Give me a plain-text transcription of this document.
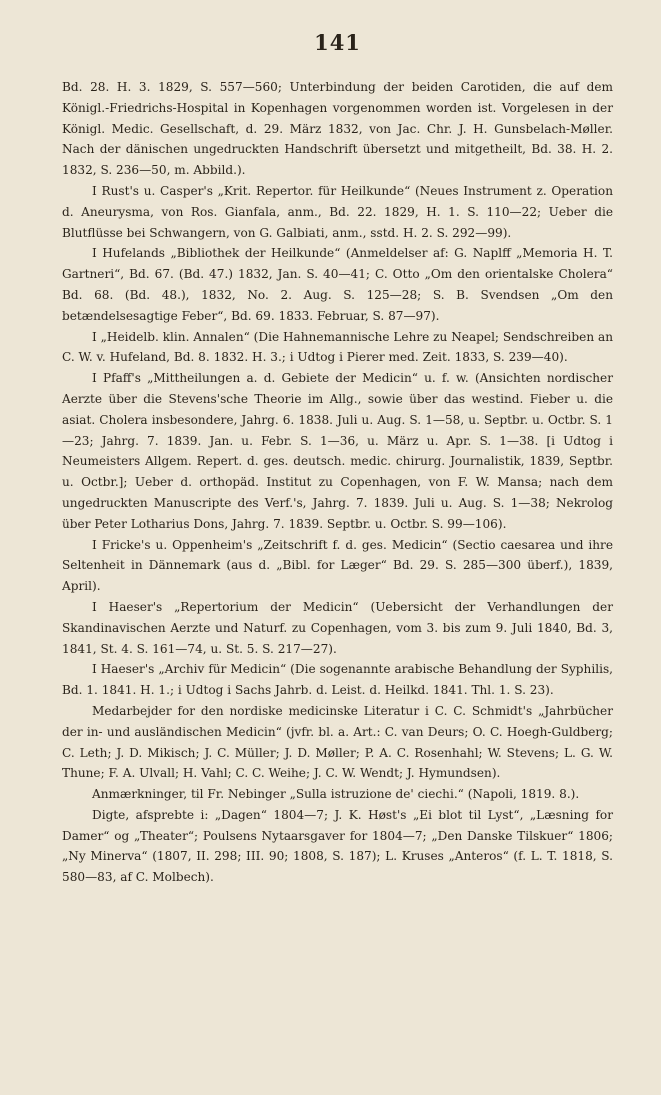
141

Bd. 28. H. 3. 1829, S. 557—560; Unterbindung der beiden Carotiden, die auf dem Königl.-Friedrichs-Hospital in Kopenhagen vorgenommen worden ist. Vorgelesen in der Königl. Medic. Gesellschaft, d. 29. März 1832, von Jac. Chr. J. H. Gunsbelach-Møller. Nach der dänischen ungedruckten Handschrift übersetzt und mitgetheilt, Bd. 38. H. 2. 1832, S. 236—50, m. Abbild.).

I Rust's u. Casper's „Krit. Repertor. für Heilkunde“ (Neues Instrument z. Operation d. Aneurysma, von Ros. Gianfala, anm., Bd. 22. 1829, H. 1. S. 110—22; Ueber die Blutflüsse bei Schwangern, von G. Galbiati, anm., sstd. H. 2. S. 292—99).

I Hufelands „Bibliothek der Heilkunde“ (Anmeldelser af: G. Naplff „Memoria H. T. Gartneri“, Bd. 67. (Bd. 47.) 1832, Jan. S. 40—41; C. Otto „Om den orientalske Cholera“ Bd. 68. (Bd. 48.), 1832, No. 2. Aug. S. 125—28; S. B. Svendsen „Om den betændelsesagtige Feber“, Bd. 69. 1833. Februar, S. 87—97).

I „Heidelb. klin. Annalen“ (Die Hahnemannische Lehre zu Neapel; Sendschreiben an C. W. v. Hufeland, Bd. 8. 1832. H. 3.; i Udtog i Pierer med. Zeit. 1833, S. 239—40).

I Pfaff's „Mittheilungen a. d. Gebiete der Medicin“ u. f. w. (Ansichten nordischer Aerzte über die Stevens'sche Theorie im Allg., sowie über das westind. Fieber u. die asiat. Cholera insbesondere, Jahrg. 6. 1838. Juli u. Aug. S. 1—58, u. Septbr. u. Octbr. S. 1—23; Jahrg. 7. 1839. Jan. u. Febr. S. 1—36, u. März u. Apr. S. 1—38. [i Udtog i Neumeisters Allgem. Repert. d. ges. deutsch. medic. chirurg. Journalistik, 1839, Septbr. u. Octbr.]; Ueber d. orthopäd. Institut zu Copenhagen, von F. W. Mansa; nach dem ungedruckten Manuscripte des Verf.'s, Jahrg. 7. 1839. Juli u. Aug. S. 1—38; Nekrolog über Peter Lotharius Dons, Jahrg. 7. 1839. Septbr. u. Octbr. S. 99—106).

I Fricke's u. Oppenheim's „Zeitschrift f. d. ges. Medicin“ (Sectio caesarea und ihre Seltenheit in Dännemark (aus d. „Bibl. for Læger“ Bd. 29. S. 285—300 überf.), 1839, April).

I Haeser's „Repertorium der Medicin“ (Uebersicht der Verhandlungen der Skandinavischen Aerzte und Naturf. zu Copenhagen, vom 3. bis zum 9. Juli 1840, Bd. 3, 1841, St. 4. S. 161—74, u. St. 5. S. 217—27).

I Haeser's „Archiv für Medicin“ (Die sogenannte arabische Behandlung der Syphilis, Bd. 1. 1841. H. 1.; i Udtog i Sachs Jahrb. d. Leist. d. Heilkd. 1841. Thl. 1. S. 23).

Medarbejder for den nordiske medicinske Literatur i C. C. Schmidt's „Jahrbücher der in- und ausländischen Medicin“ (jvfr. bl. a. Art.: C. van Deurs; O. C. Hoegh-Guldberg; C. Leth; J. D. Mikisch; J. C. Müller; J. D. Møller; P. A. C. Rosenhahl; W. Stevens; L. G. W. Thune; F. A. Ulvall; H. Vahl; C. C. Weihe; J. C. W. Wendt; J. Hymundsen).

Anmærkninger, til Fr. Nebinger „Sulla istruzione de' ciechi.“ (Napoli, 1819. 8.).

Digte, afsprebte i: „Dagen“ 1804—7; J. K. Høst's „Ei blot til Lyst“, „Læsning for Damer“ og „Theater“; Poulsens Nytaarsgaver for 1804—7; „Den Danske Tilskuer“ 1806; „Ny Minerva“ (1807, II. 298; III. 90; 1808, S. 187); L. Kruses „Anteros“ (f. L. T. 1818, S. 580—83, af C. Molbech).
